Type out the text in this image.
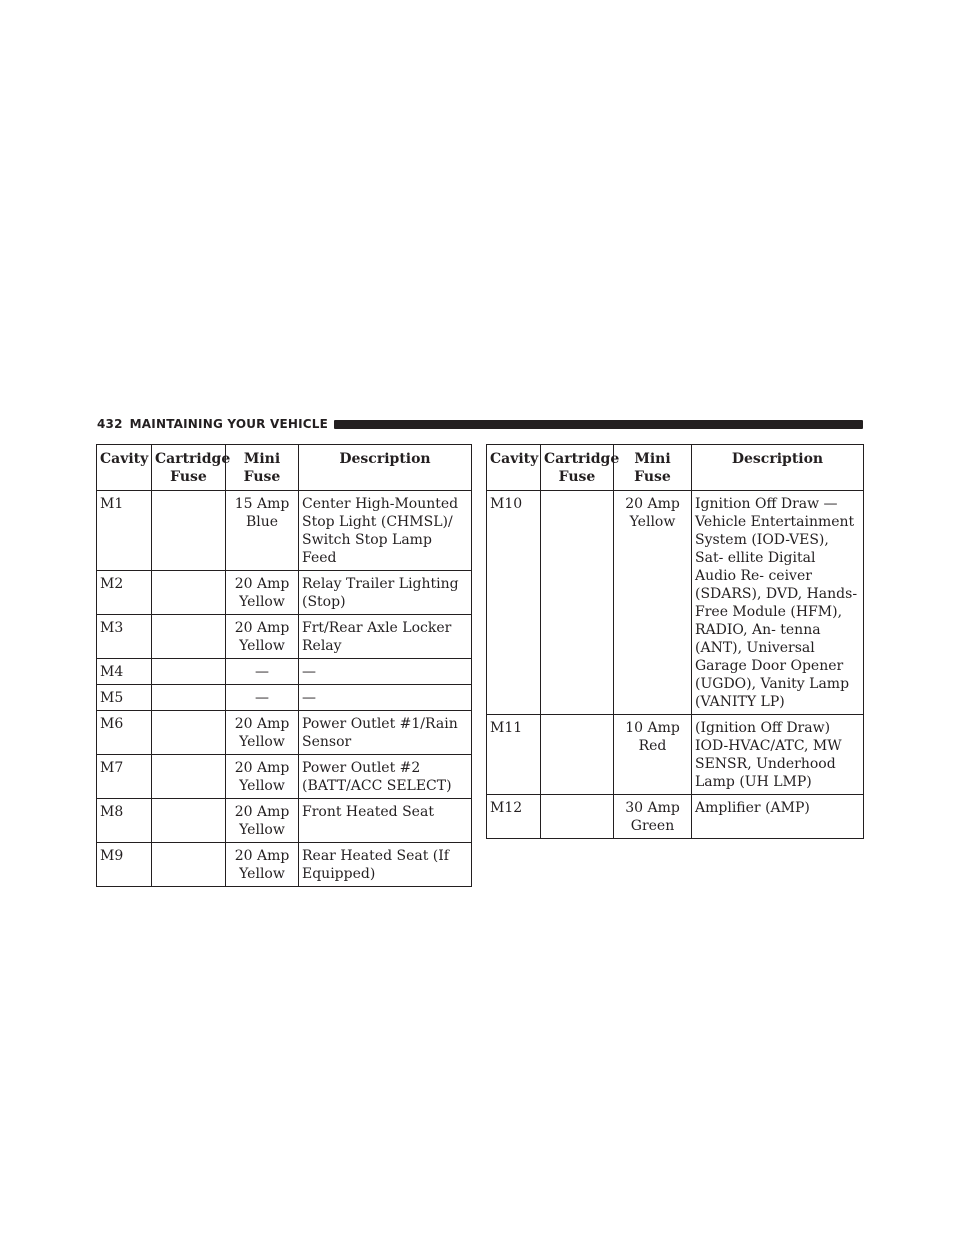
432 MAINTAINING YOUR VEHICLE
Cavity	Cartridge Fuse	Mini Fuse	Description
M1		15 Amp Blue	Center High-Mounted Stop Light (CHMSL)/ Switch Stop Lamp Feed
M2		20 Amp Yellow	Relay Trailer Lighting (Stop)
M3		20 Amp Yellow	Frt/Rear Axle Locker Relay
M4		—	—
M5		—	—
M6		20 Amp Yellow	Power Outlet #1/Rain Sensor
M7		20 Amp Yellow	Power Outlet #2 (BATT/ACC SELECT)
M8		20 Amp Yellow	Front Heated Seat
M9		20 Amp Yellow	Rear Heated Seat (If Equipped)
Cavity	Cartridge Fuse	Mini Fuse	Description
M10		20 Amp Yellow	Ignition Off Draw — Vehicle Entertainment System (IOD-VES), Sat- ellite Digital Audio Re- ceiver (SDARS), DVD, Hands-Free Module (HFM), RADIO, An- tenna (ANT), Universal Garage Door Opener (UGDO), Vanity Lamp (VANITY LP)
M11		10 Amp Red	(Ignition Off Draw) IOD-HVAC/ATC, MW SENSR, Underhood Lamp (UH LMP)
M12		30 Amp Green	Amplifier (AMP)
